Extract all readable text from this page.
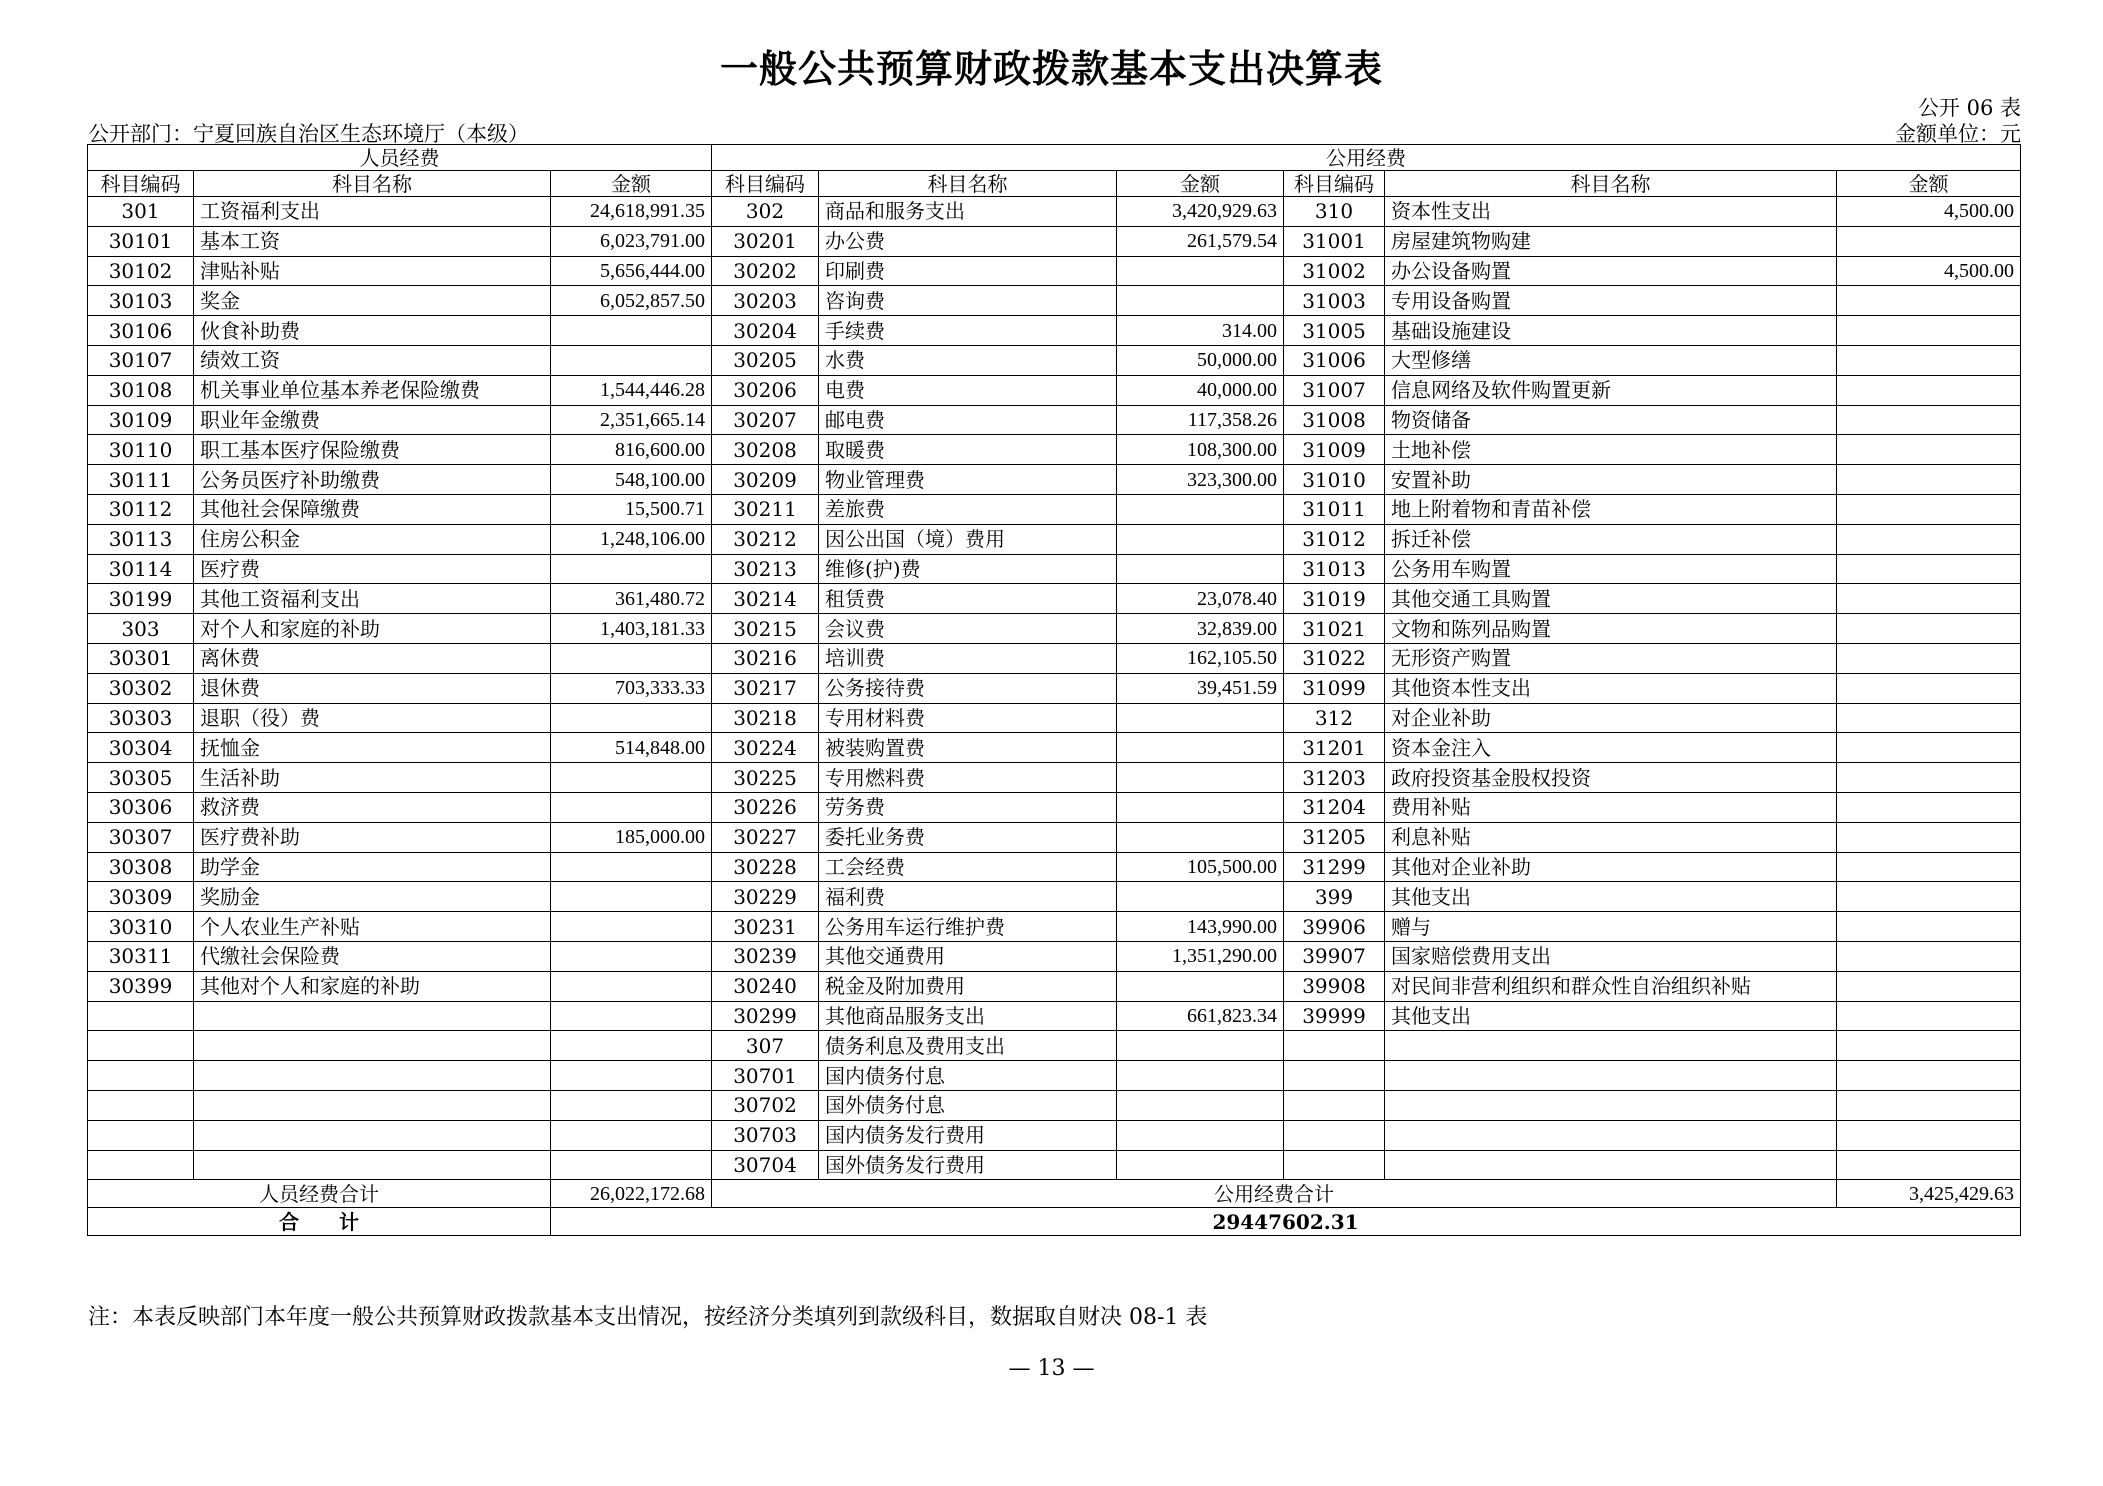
一般公共预算财政拨款基本支出决算表
公开 06 表
公开部门：宁夏回族自治区生态环境厅（本级）	金额单位：元
人员经费			公用经费					
科目编码	科目名称	金额	科目编码	科目名称	金额	科目编码	科目名称	金额
301	工资福利支出	24,618,991.35	302	商品和服务支出	3,420,929.63	310	资本性支出	4,500.00
30101	基本工资	6,023,791.00	30201	办公费	261,579.54	31001	房屋建筑物购建	
30102	津贴补贴	5,656,444.00	30202	印刷费		31002	办公设备购置	4,500.00
30103	奖金	6,052,857.50	30203	咨询费		31003	专用设备购置	
30106	伙食补助费		30204	手续费	314.00	31005	基础设施建设	
30107	绩效工资		30205	水费	50,000.00	31006	大型修缮	
30108	机关事业单位基本养老保险缴费	1,544,446.28	30206	电费	40,000.00	31007	信息网络及软件购置更新	
30109	职业年金缴费	2,351,665.14	30207	邮电费	117,358.26	31008	物资储备	
30110	职工基本医疗保险缴费	816,600.00	30208	取暖费	108,300.00	31009	土地补偿	
30111	公务员医疗补助缴费	548,100.00	30209	物业管理费	323,300.00	31010	安置补助	
30112	其他社会保障缴费	15,500.71	30211	差旅费		31011	地上附着物和青苗补偿	
30113	住房公积金	1,248,106.00	30212	因公出国（境）费用		31012	拆迁补偿	
30114	医疗费		30213	维修(护)费		31013	公务用车购置	
30199	其他工资福利支出	361,480.72	30214	租赁费	23,078.40	31019	其他交通工具购置	
303	对个人和家庭的补助	1,403,181.33	30215	会议费	32,839.00	31021	文物和陈列品购置	
30301	离休费		30216	培训费	162,105.50	31022	无形资产购置	
30302	退休费	703,333.33	30217	公务接待费	39,451.59	31099	其他资本性支出	
30303	退职（役）费		30218	专用材料费		312	对企业补助	
30304	抚恤金	514,848.00	30224	被装购置费		31201	资本金注入	
30305	生活补助		30225	专用燃料费		31203	政府投资基金股权投资	
30306	救济费		30226	劳务费		31204	费用补贴	
30307	医疗费补助	185,000.00	30227	委托业务费		31205	利息补贴	
30308	助学金		30228	工会经费	105,500.00	31299	其他对企业补助	
30309	奖励金		30229	福利费		399	其他支出	
30310	个人农业生产补贴		30231	公务用车运行维护费	143,990.00	39906	赠与	
30311	代缴社会保险费		30239	其他交通费用	1,351,290.00	39907	国家赔偿费用支出	
30399	其他对个人和家庭的补助		30240	税金及附加费用		39908	对民间非营利组织和群众性自治组织补贴	
			30299	其他商品服务支出	661,823.34	39999	其他支出	
			307	债务利息及费用支出				
			30701	国内债务付息				
			30702	国外债务付息				
			30703	国内债务发行费用				
			30704	国外债务发行费用				
人员经费合计		26,022,172.68	公用经费合计					3,425,429.63
合　　计		29447602.31						
注：本表反映部门本年度一般公共预算财政拨款基本支出情况，按经济分类填列到款级科目，数据取自财决 08-1 表
— 13 —
